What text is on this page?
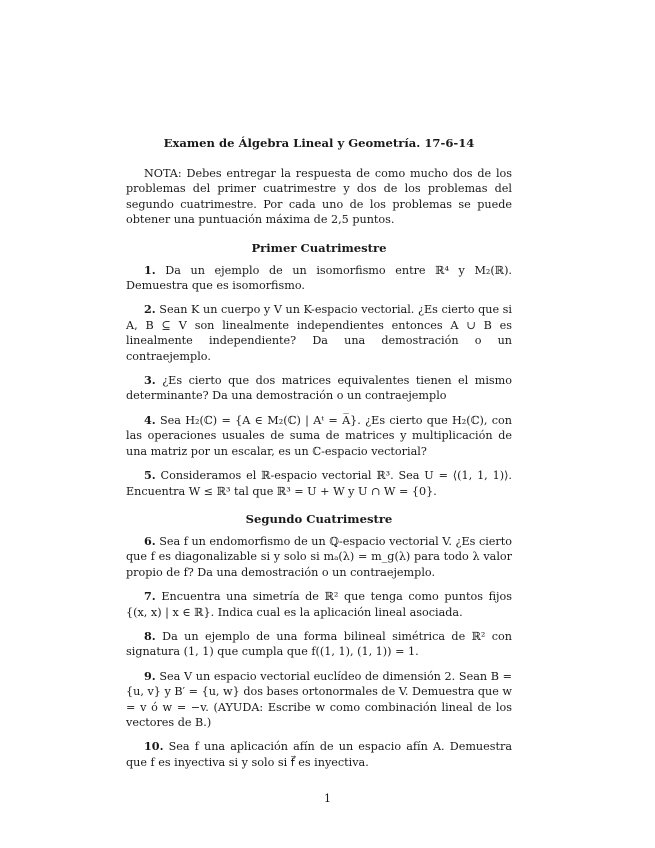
Examen de Álgebra Lineal y Geometría. 17-6-14

NOTA: Debes entregar la respuesta de como mucho dos de los problemas del primer cuatrimestre y dos de los problemas del segundo cuatrimestre. Por cada uno de los problemas se puede obtener una puntuación máxima de 2,5 puntos.

Primer Cuatrimestre

1. Da un ejemplo de un isomorfismo entre ℝ⁴ y M₂(ℝ). Demuestra que es isomorfismo.

2. Sean K un cuerpo y V un K-espacio vectorial. ¿Es cierto que si A, B ⊆ V son linealmente independientes entonces A ∪ B es linealmente independiente? Da una demostración o un contraejemplo.

3. ¿Es cierto que dos matrices equivalentes tienen el mismo determinante? Da una demostración o un contraejemplo

4. Sea H₂(ℂ) = {A ∈ M₂(ℂ) | Aᵗ = A̅}. ¿Es cierto que H₂(ℂ), con las operaciones usuales de suma de matrices y multiplicación de una matriz por un escalar, es un ℂ-espacio vectorial?

5. Consideramos el ℝ-espacio vectorial ℝ³. Sea U = ⟨(1, 1, 1)⟩. Encuentra W ≤ ℝ³ tal que ℝ³ = U + W y U ∩ W = {0}.

Segundo Cuatrimestre

6. Sea f un endomorfismo de un ℚ-espacio vectorial V. ¿Es cierto que f es diagonalizable si y solo si mₐ(λ) = m_g(λ) para todo λ valor propio de f? Da una demostración o un contraejemplo.

7. Encuentra una simetría de ℝ² que tenga como puntos fijos {(x, x) | x ∈ ℝ}. Indica cual es la aplicación lineal asociada.

8. Da un ejemplo de una forma bilineal simétrica de ℝ² con signatura (1, 1) que cumpla que f((1, 1), (1, 1)) = 1.

9. Sea V un espacio vectorial euclídeo de dimensión 2. Sean B = {u, v} y B′ = {u, w} dos bases ortonormales de V. Demuestra que w = v ó w = −v. (AYUDA: Escribe w como combinación lineal de los vectores de B.)

10. Sea f una aplicación afín de un espacio afín A. Demuestra que f es inyectiva si y solo si f⃗ es inyectiva.

1
